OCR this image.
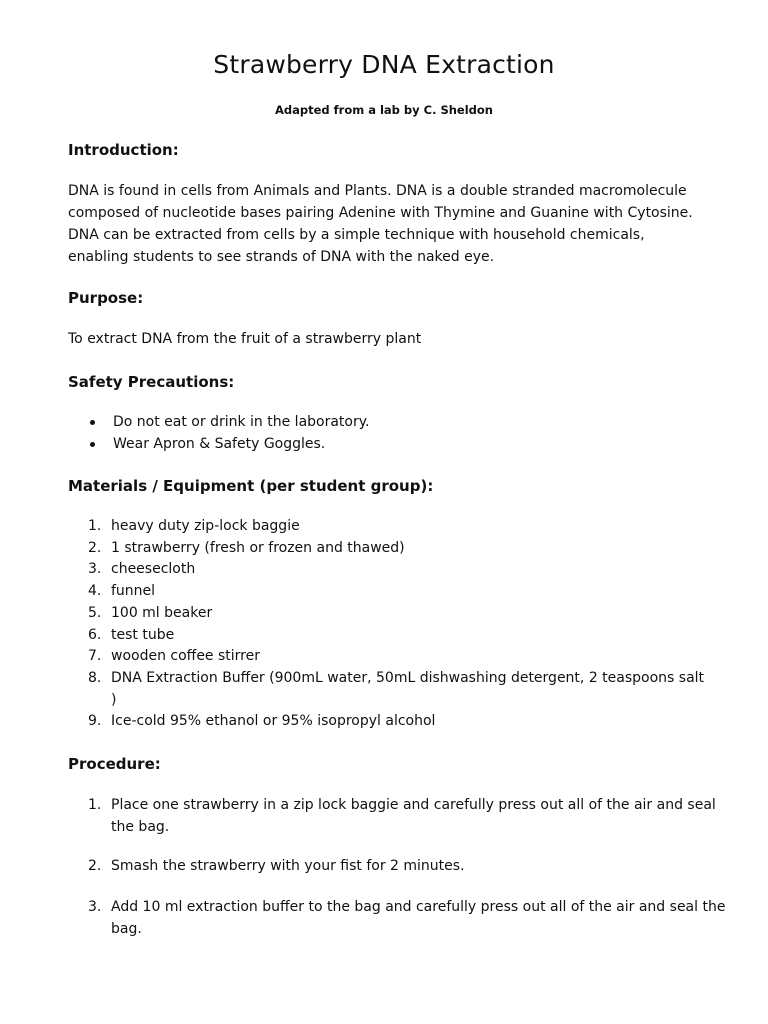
Strawberry DNA Extraction
Adapted from a lab by C. Sheldon
Introduction:

DNA is found in cells from Animals and Plants. DNA is a double stranded macromolecule

composed of nucleotide bases pairing Adenine with Thymine and Guanine with Cytosine.

DNA can be extracted from cells by a simple technique with household chemicals,

enabling students to see strands of DNA with the naked eye.

Purpose:

To extract DNA from the fruit of a strawberry plant

Safety Precautions:
Do not eat or drink in the laboratory.
Wear Apron & Safety Goggles.
Materials / Equipment (per student group):
1. heavy duty zip-lock baggie
2. 1 strawberry (fresh or frozen and thawed)
3. cheesecloth
4. funnel
5. 100 ml beaker
6. test tube
7. wooden coffee stirrer
8. DNA Extraction Buffer (900mL water, 50mL dishwashing detergent, 2 teaspoons salt )
9. Ice-cold 95% ethanol or 95% isopropyl alcohol
Procedure:
1. Place one strawberry in a zip lock baggie and carefully press out all of the air and seal the bag.
2. Smash the strawberry with your fist for 2 minutes.
3. Add 10 ml extraction buffer to the bag and carefully press out all of the air and seal the bag.
